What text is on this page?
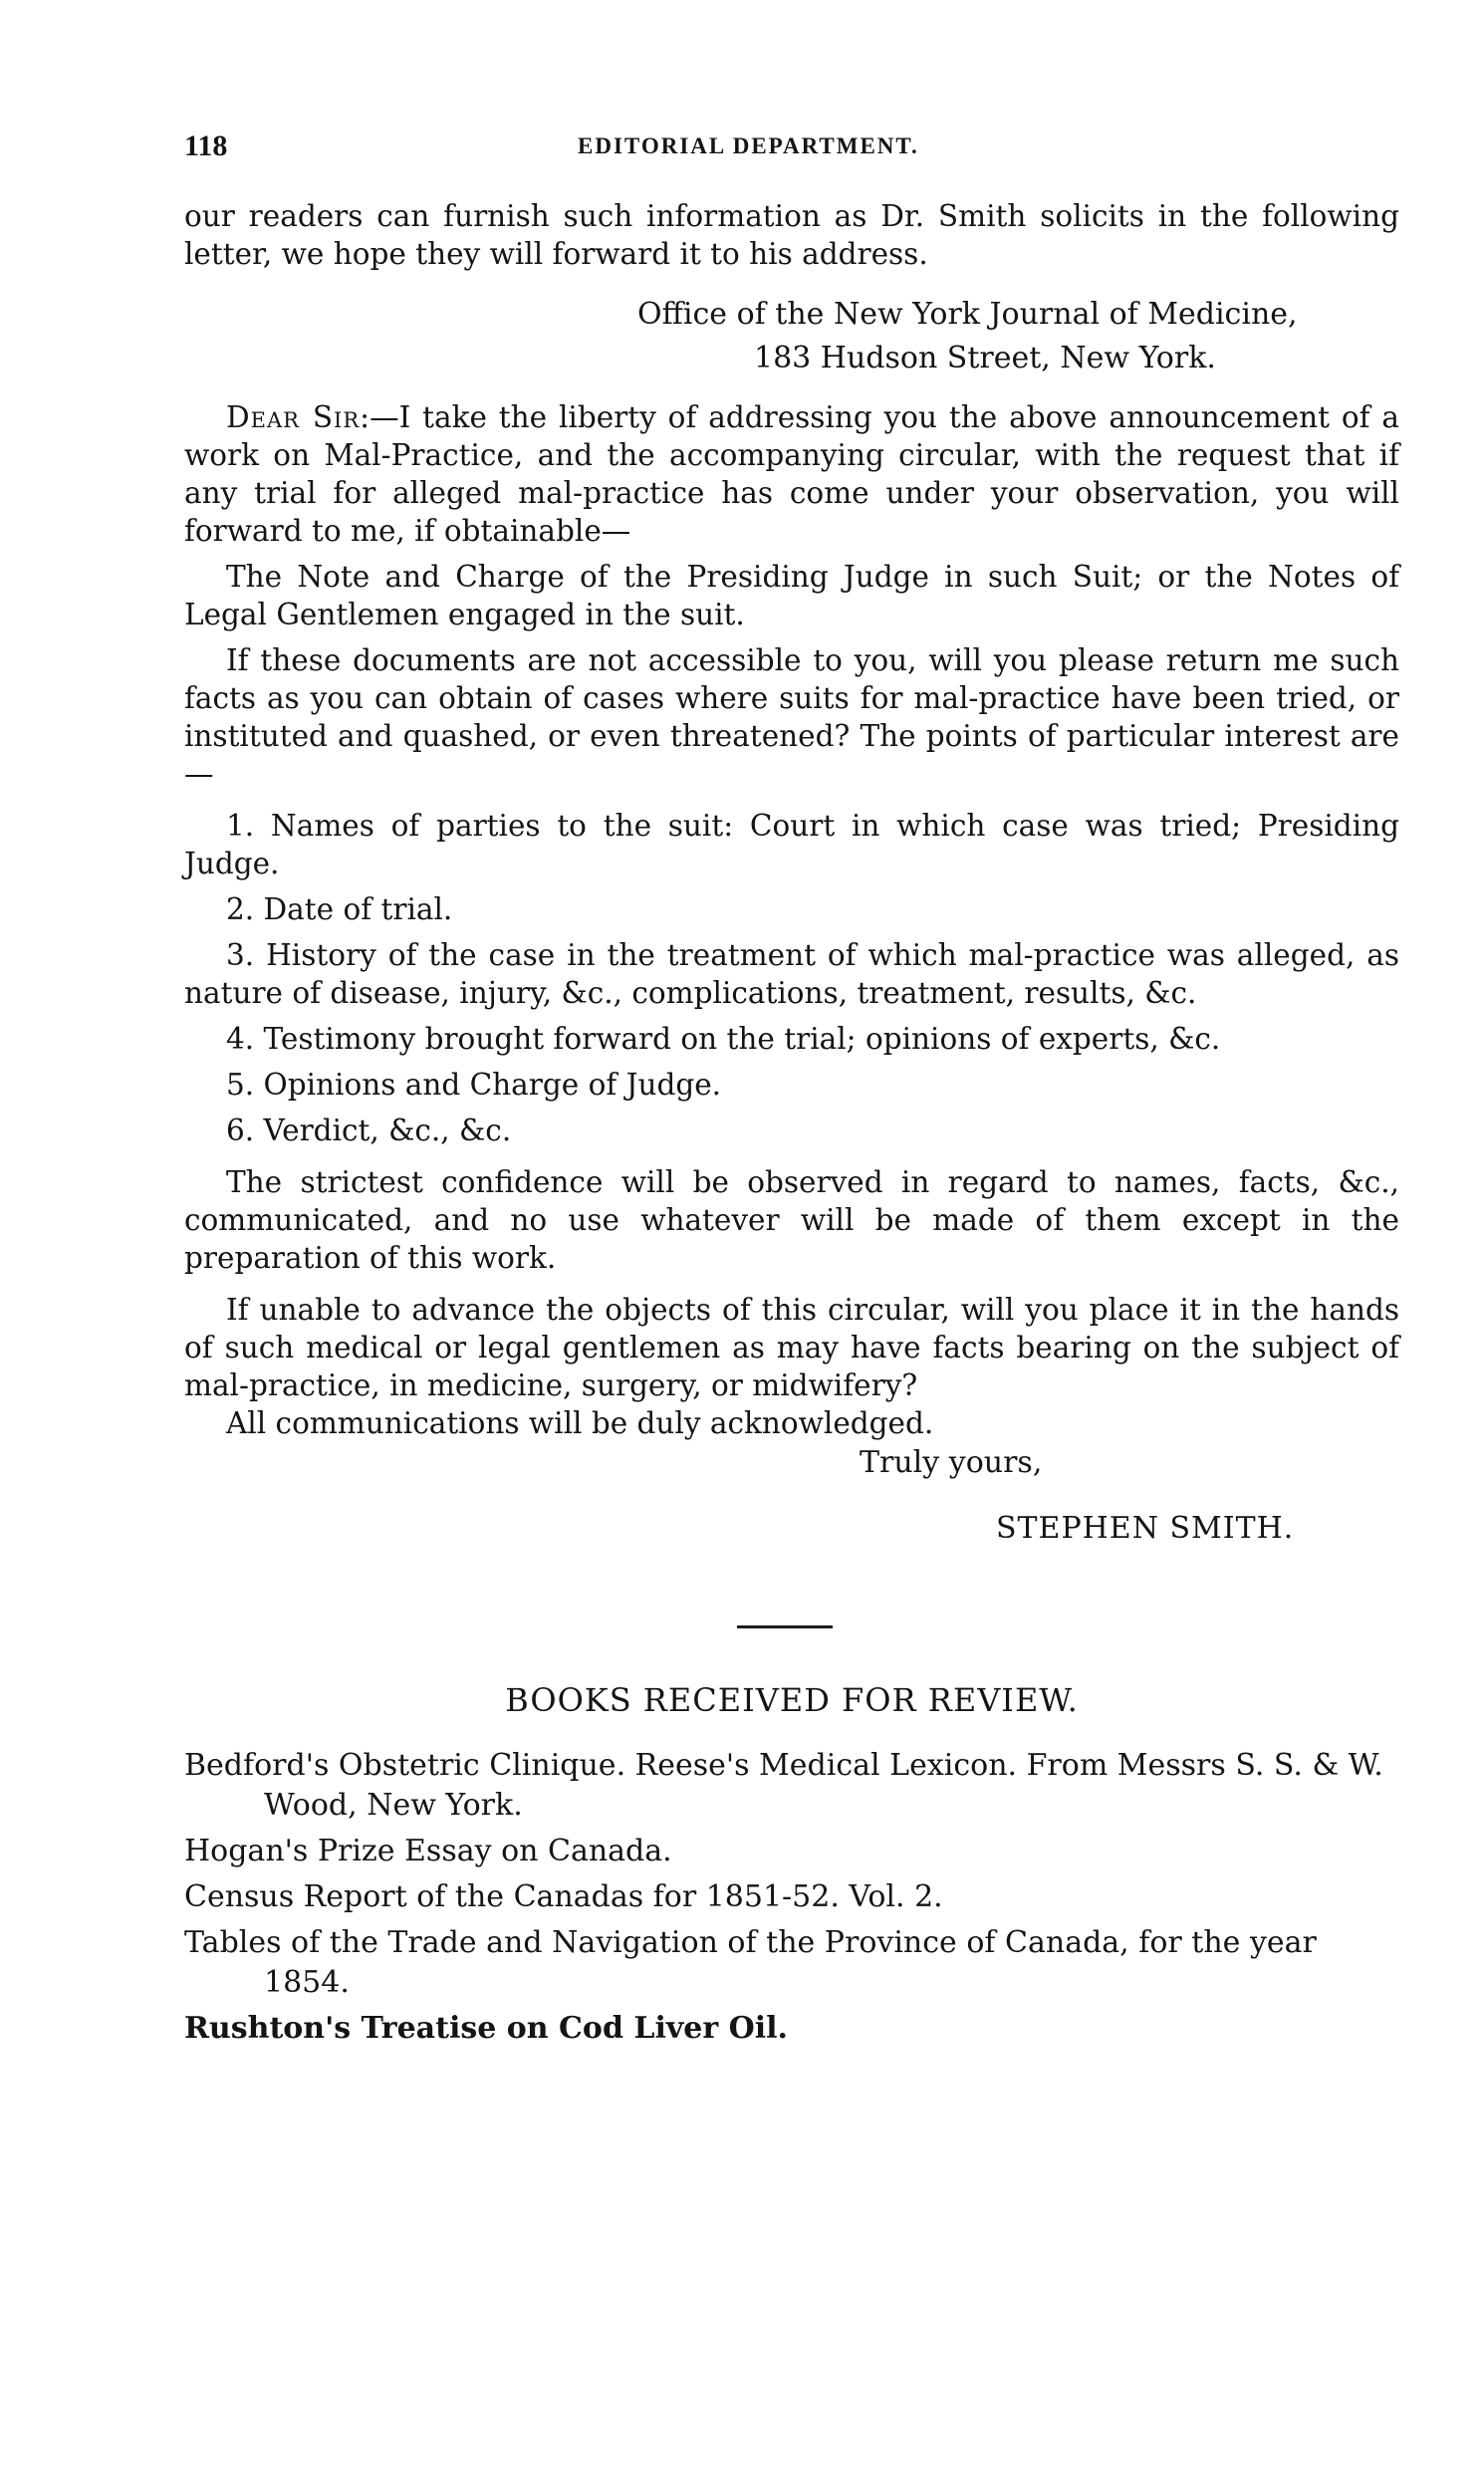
118	EDITORIAL DEPARTMENT.

our readers can furnish such information as Dr. Smith solicits in the following letter, we hope they will forward it to his address.

Office of the New York Journal of Medicine,
183 Hudson Street, New York.

Dear Sir:—I take the liberty of addressing you the above announcement of a work on Mal-Practice, and the accompanying circular, with the request that if any trial for alleged mal-practice has come under your observation, you will forward to me, if obtainable—

The Note and Charge of the Presiding Judge in such Suit; or the Notes of Legal Gentlemen engaged in the suit.

If these documents are not accessible to you, will you please return me such facts as you can obtain of cases where suits for mal-practice have been tried, or instituted and quashed, or even threatened? The points of particular interest are—

1. Names of parties to the suit: Court in which case was tried; Presiding Judge.

2. Date of trial.

3. History of the case in the treatment of which mal-practice was alleged, as nature of disease, injury, &c., complications, treatment, results, &c.

4. Testimony brought forward on the trial; opinions of experts, &c.

5. Opinions and Charge of Judge.

6. Verdict, &c., &c.

The strictest confidence will be observed in regard to names, facts, &c., communicated, and no use whatever will be made of them except in the preparation of this work.

If unable to advance the objects of this circular, will you place it in the hands of such medical or legal gentlemen as may have facts bearing on the subject of mal-practice, in medicine, surgery, or midwifery?

All communications will be duly acknowledged.

Truly yours,
STEPHEN SMITH.
BOOKS RECEIVED FOR REVIEW.

Bedford's Obstetric Clinique. Reese's Medical Lexicon. From Messrs S. S. & W. Wood, New York.

Hogan's Prize Essay on Canada.

Census Report of the Canadas for 1851-52. Vol. 2.

Tables of the Trade and Navigation of the Province of Canada, for the year 1854.

Rushton's Treatise on Cod Liver Oil.
